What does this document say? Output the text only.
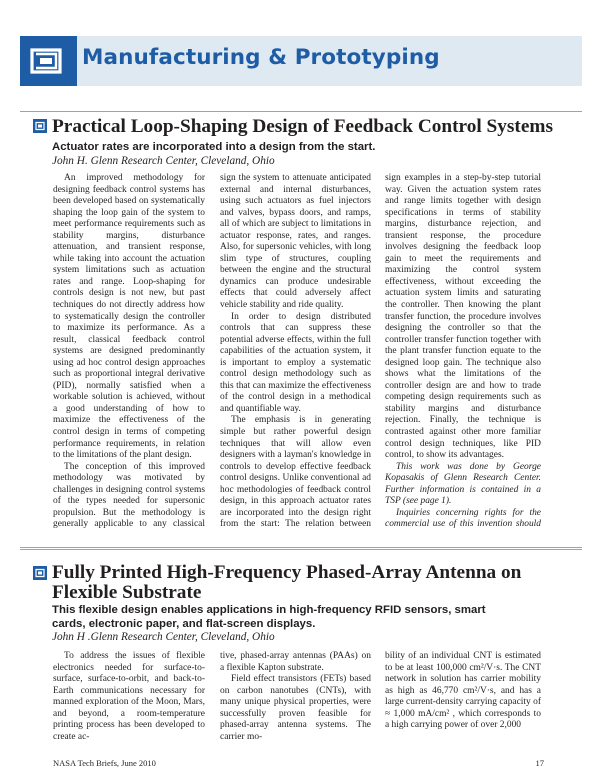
Manufacturing & Prototyping
Practical Loop-Shaping Design of Feedback Control Systems
Actuator rates are incorporated into a design from the start.
John H. Glenn Research Center, Cleveland, Ohio

An improved methodology for designing feedback control systems has been developed based on systematically shaping the loop gain of the system to meet performance requirements such as stability margins, disturbance attenuation, and transient response, while taking into account the actuation system limitations such as actuation rates and range. Loop-shaping for controls design is not new, but past techniques do not directly address how to systematically design the controller to maximize its performance. As a result, classical feedback control systems are designed predominantly using ad hoc control design approaches such as proportional integral derivative (PID), normally satisfied when a workable solution is achieved, without a good understanding of how to maximize the effectiveness of the control design in terms of competing performance requirements, in relation to the limitations of the plant design.

The conception of this improved methodology was motivated by challenges in designing control systems of the types needed for supersonic propulsion. But the methodology is generally applicable to any classical

sign the system to attenuate anticipated external and internal disturbances, using such actuators as fuel injectors and valves, bypass doors, and ramps, all of which are subject to limitations in actuator response, rates, and ranges. Also, for supersonic vehicles, with long slim type of structures, coupling between the engine and the structural dynamics can produce undesirable effects that could adversely affect vehicle stability and ride quality.

In order to design distributed controls that can suppress these potential adverse effects, within the full capabilities of the actuation system, it is important to employ a systematic control design methodology such as this that can maximize the effectiveness of the control design in a methodical and quantifiable way.

The emphasis is in generating simple but rather powerful design techniques that will allow even designers with a layman's knowledge in controls to develop effective feedback control designs. Unlike conventional ad hoc methodologies of feedback control design, in this approach actuator rates are incorporated into the design right from the start: The relation between

sign examples in a step-by-step tutorial way. Given the actuation system rates and range limits together with design specifications in terms of stability margins, disturbance rejection, and transient response, the procedure involves designing the feedback loop gain to meet the requirements and maximizing the control system effectiveness, without exceeding the actuation system limits and saturating the controller. Then knowing the plant transfer function, the procedure involves designing the controller so that the controller transfer function together with the plant transfer function equate to the designed loop gain. The technique also shows what the limitations of the controller design are and how to trade competing design requirements such as stability margins and disturbance rejection. Finally, the technique is contrasted against other more familiar control design techniques, like PID control, to show its advantages.

This work was done by George Kopasakis of Glenn Research Center. Further information is contained in a TSP (see page 1).

Inquiries concerning rights for the commercial use of this invention should

Fully Printed High-Frequency Phased-Array Antenna on Flexible Substrate
This flexible design enables applications in high-frequency RFID sensors, smart cards, electronic paper, and flat-screen displays.
John H .Glenn Research Center, Cleveland, Ohio

To address the issues of flexible electronics needed for surface-to-surface, surface-to-orbit, and back-to-Earth communications necessary for manned exploration of the Moon, Mars, and beyond, a room-temperature printing process has been developed to create ac-

tive, phased-array antennas (PAAs) on a flexible Kapton substrate.

Field effect transistors (FETs) based on carbon nanotubes (CNTs), with many unique physical properties, were successfully proven feasible for phased-array antenna systems. The carrier mo-

bility of an individual CNT is estimated to be at least 100,000 cm²/V·s. The CNT network in solution has carrier mobility as high as 46,770 cm²/V·s, and has a large current-density carrying capacity of ≈ 1,000 mA/cm² , which corresponds to a high carrying power of over 2,000

NASA Tech Briefs, June 2010	17
